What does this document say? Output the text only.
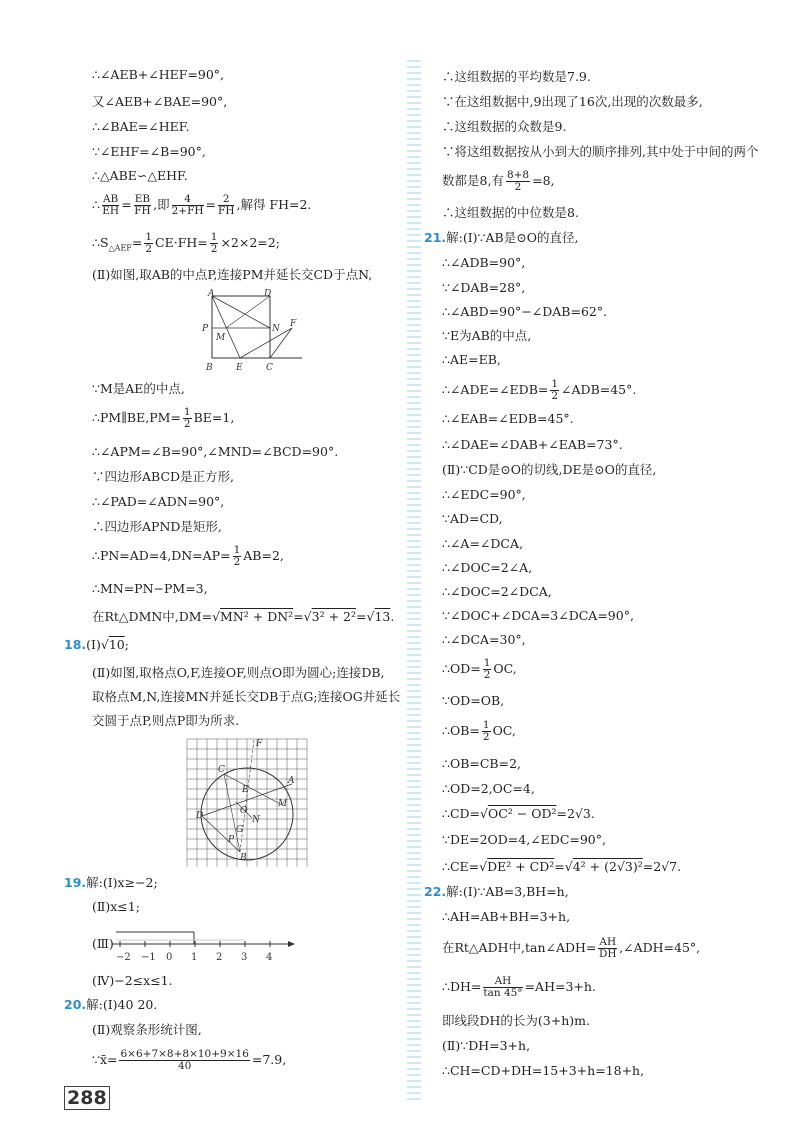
∴∠AEB+∠HEF=90°,
又∠AEB+∠BAE=90°,
∴∠BAE=∠HEF.
∵∠EHF=∠B=90°,
∴△ABE∽△EHF.
∴ $\frac{AB}{EH} = \frac{EB}{FH}$ ,即 $\frac{4}{2+FH} = \frac{2}{FH}$ ,解得 FH=2.
$\therefore S_{\triangle AEF}= \frac{1}{2} CE\cdot FH= \frac{1}{2} \times 2\times 2=2$;
(Ⅱ)如图,取AB的中点P,连接PM并延长交CD于点N,
A	D
P
M
N F
B	E	C
∵M是AE的中点,
∴PM∥BE,PM= $\frac{1}{2} BE=1$,
∴∠APM=∠B=90°,∠MND=∠BCD=90°.
∵四边形ABCD是正方形,
∴∠PAD=∠ADN=90°,
∴四边形APND是矩形,
∴PN=AD=4,DN=AP= $\frac{1}{2} AB=2$,
∴MN=PN−PM=3,
在Rt△DMN中,DM=√MN² + DN²=√3² + 2²=√13.
18.(Ⅰ)√10;
(Ⅱ)如图,取格点O,F,连接OF,则点O即为圆心;连接DB,
取格点M,N,连接MN并延长交DB于点G;连接OG并延长
交圆于点P,则点P即为所求.
F
C
A
E
O
M
D	N
G
P
B
19.解:(Ⅰ)x≥−2;
(Ⅱ)x≤1;
(Ⅲ)
−2 −1 0 1 2 3 4
(Ⅳ)−2≤x≤1.
20.解:(Ⅰ)40 20.
(Ⅱ)观察条形统计图,
∵x̄= $\frac{6\times 6+7\times 8+8\times 10+9\times 16}{40} =7.9$,
∴这组数据的平均数是7.9.
∵在这组数据中,9出现了16次,出现的次数最多,
∴这组数据的众数是9.
∵将这组数据按从小到大的顺序排列,其中处于中间的两个
数都是8,有 $\frac{8+8}{2} =8$,
∴这组数据的中位数是8.
21.解:(Ⅰ)∵AB是⊙O的直径,
∴∠ADB=90°,
∵∠DAB=28°,
∴∠ABD=90°−∠DAB=62°.
∵E为AB的中点,
∴AE=EB,
∴∠ADE=∠EDB= $\frac{1}{2}$ ∠ADB=45°.
∴∠EAB=∠EDB=45°.
∴∠DAE=∠DAB+∠EAB=73°.
(Ⅱ)∵CD是⊙O的切线,DE是⊙O的直径,
∴∠EDC=90°,
∵AD=CD,
∴∠A=∠DCA,
∴∠DOC=2∠A,
∴∠DOC=2∠DCA,
∵∠DOC+∠DCA=3∠DCA=90°,
∴∠DCA=30°,
∴OD= $\frac{1}{2}$ OC,
∵OD=OB,
∴OB= $\frac{1}{2}$ OC,
∴OB=CB=2,
∴OD=2,OC=4,
∴CD=√OC² − OD²=2√3.
∵DE=2OD=4,∠EDC=90°,
∴CE=√DE² + CD²=√4² + (2√3)²=2√7.
22.解:(Ⅰ)∵AB=3,BH=h,
∴AH=AB+BH=3+h,
在Rt△ADH中,tan∠ADH= $\frac{AH}{DH}$ ,∠ADH=45°,
∴DH= $\frac{AH}{\tan 45^\circ} =AH=3+h$.
即线段DH的长为(3+h)m.
(Ⅱ)∵DH=3+h,
∴CH=CD+DH=15+3+h=18+h,
288
